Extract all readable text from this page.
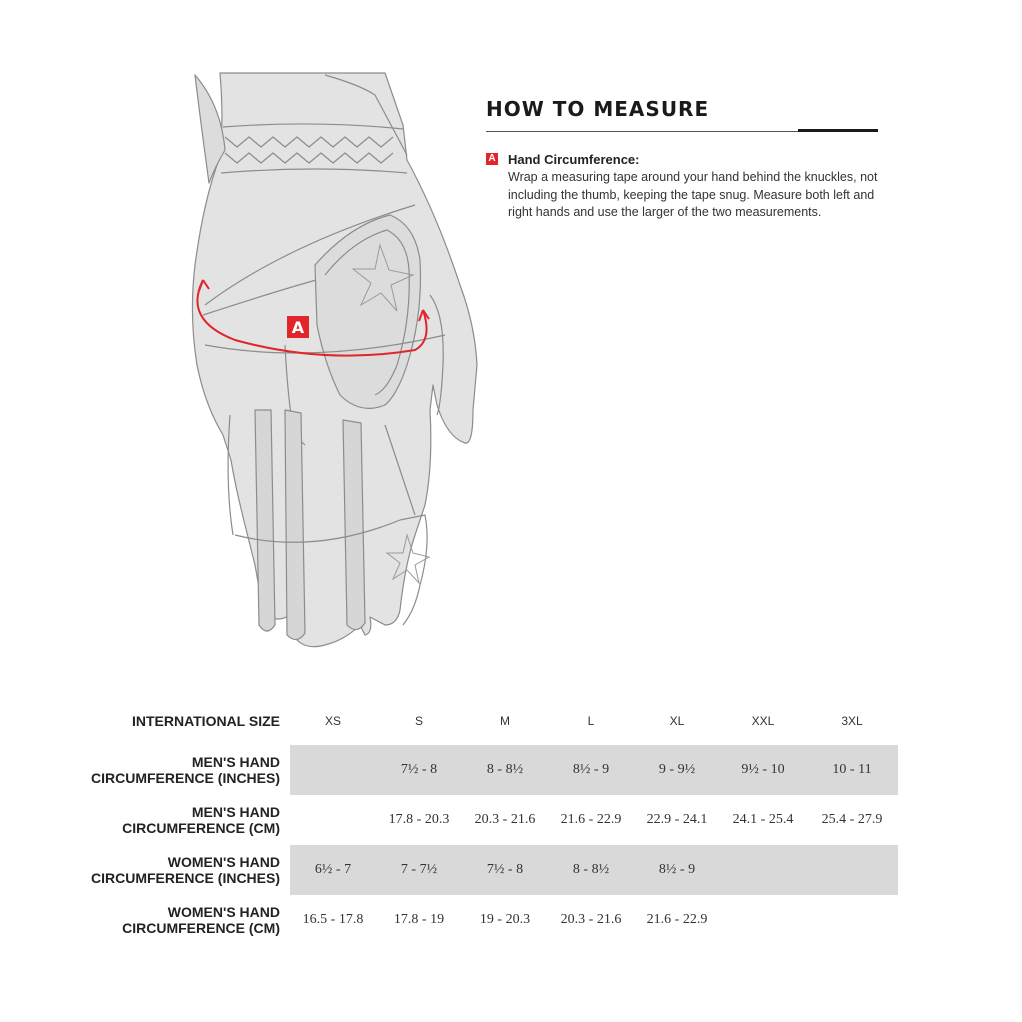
A
HOW TO MEASURE
A Hand Circumference:
Wrap a measuring tape around your hand behind the knuckles, not including the thumb, keeping the tape snug. Measure both left and right hands and use the larger of the two measurements.
INTERNATIONAL SIZE	XS	S	M	L	XL	XXL	3XL
MEN'S HAND
CIRCUMFERENCE (INCHES)		7½ - 8	8 - 8½	8½ - 9	9 - 9½	9½ - 10	10 - 11
MEN'S HAND
CIRCUMFERENCE (CM)		17.8 - 20.3	20.3 - 21.6	21.6 - 22.9	22.9 - 24.1	24.1 - 25.4	25.4 - 27.9
WOMEN'S HAND
CIRCUMFERENCE (INCHES)	6½ - 7	7 - 7½	7½ - 8	8 - 8½	8½ - 9		
WOMEN'S HAND
CIRCUMFERENCE (CM)	16.5 - 17.8	17.8 - 19	19 - 20.3	20.3 - 21.6	21.6 - 22.9		
